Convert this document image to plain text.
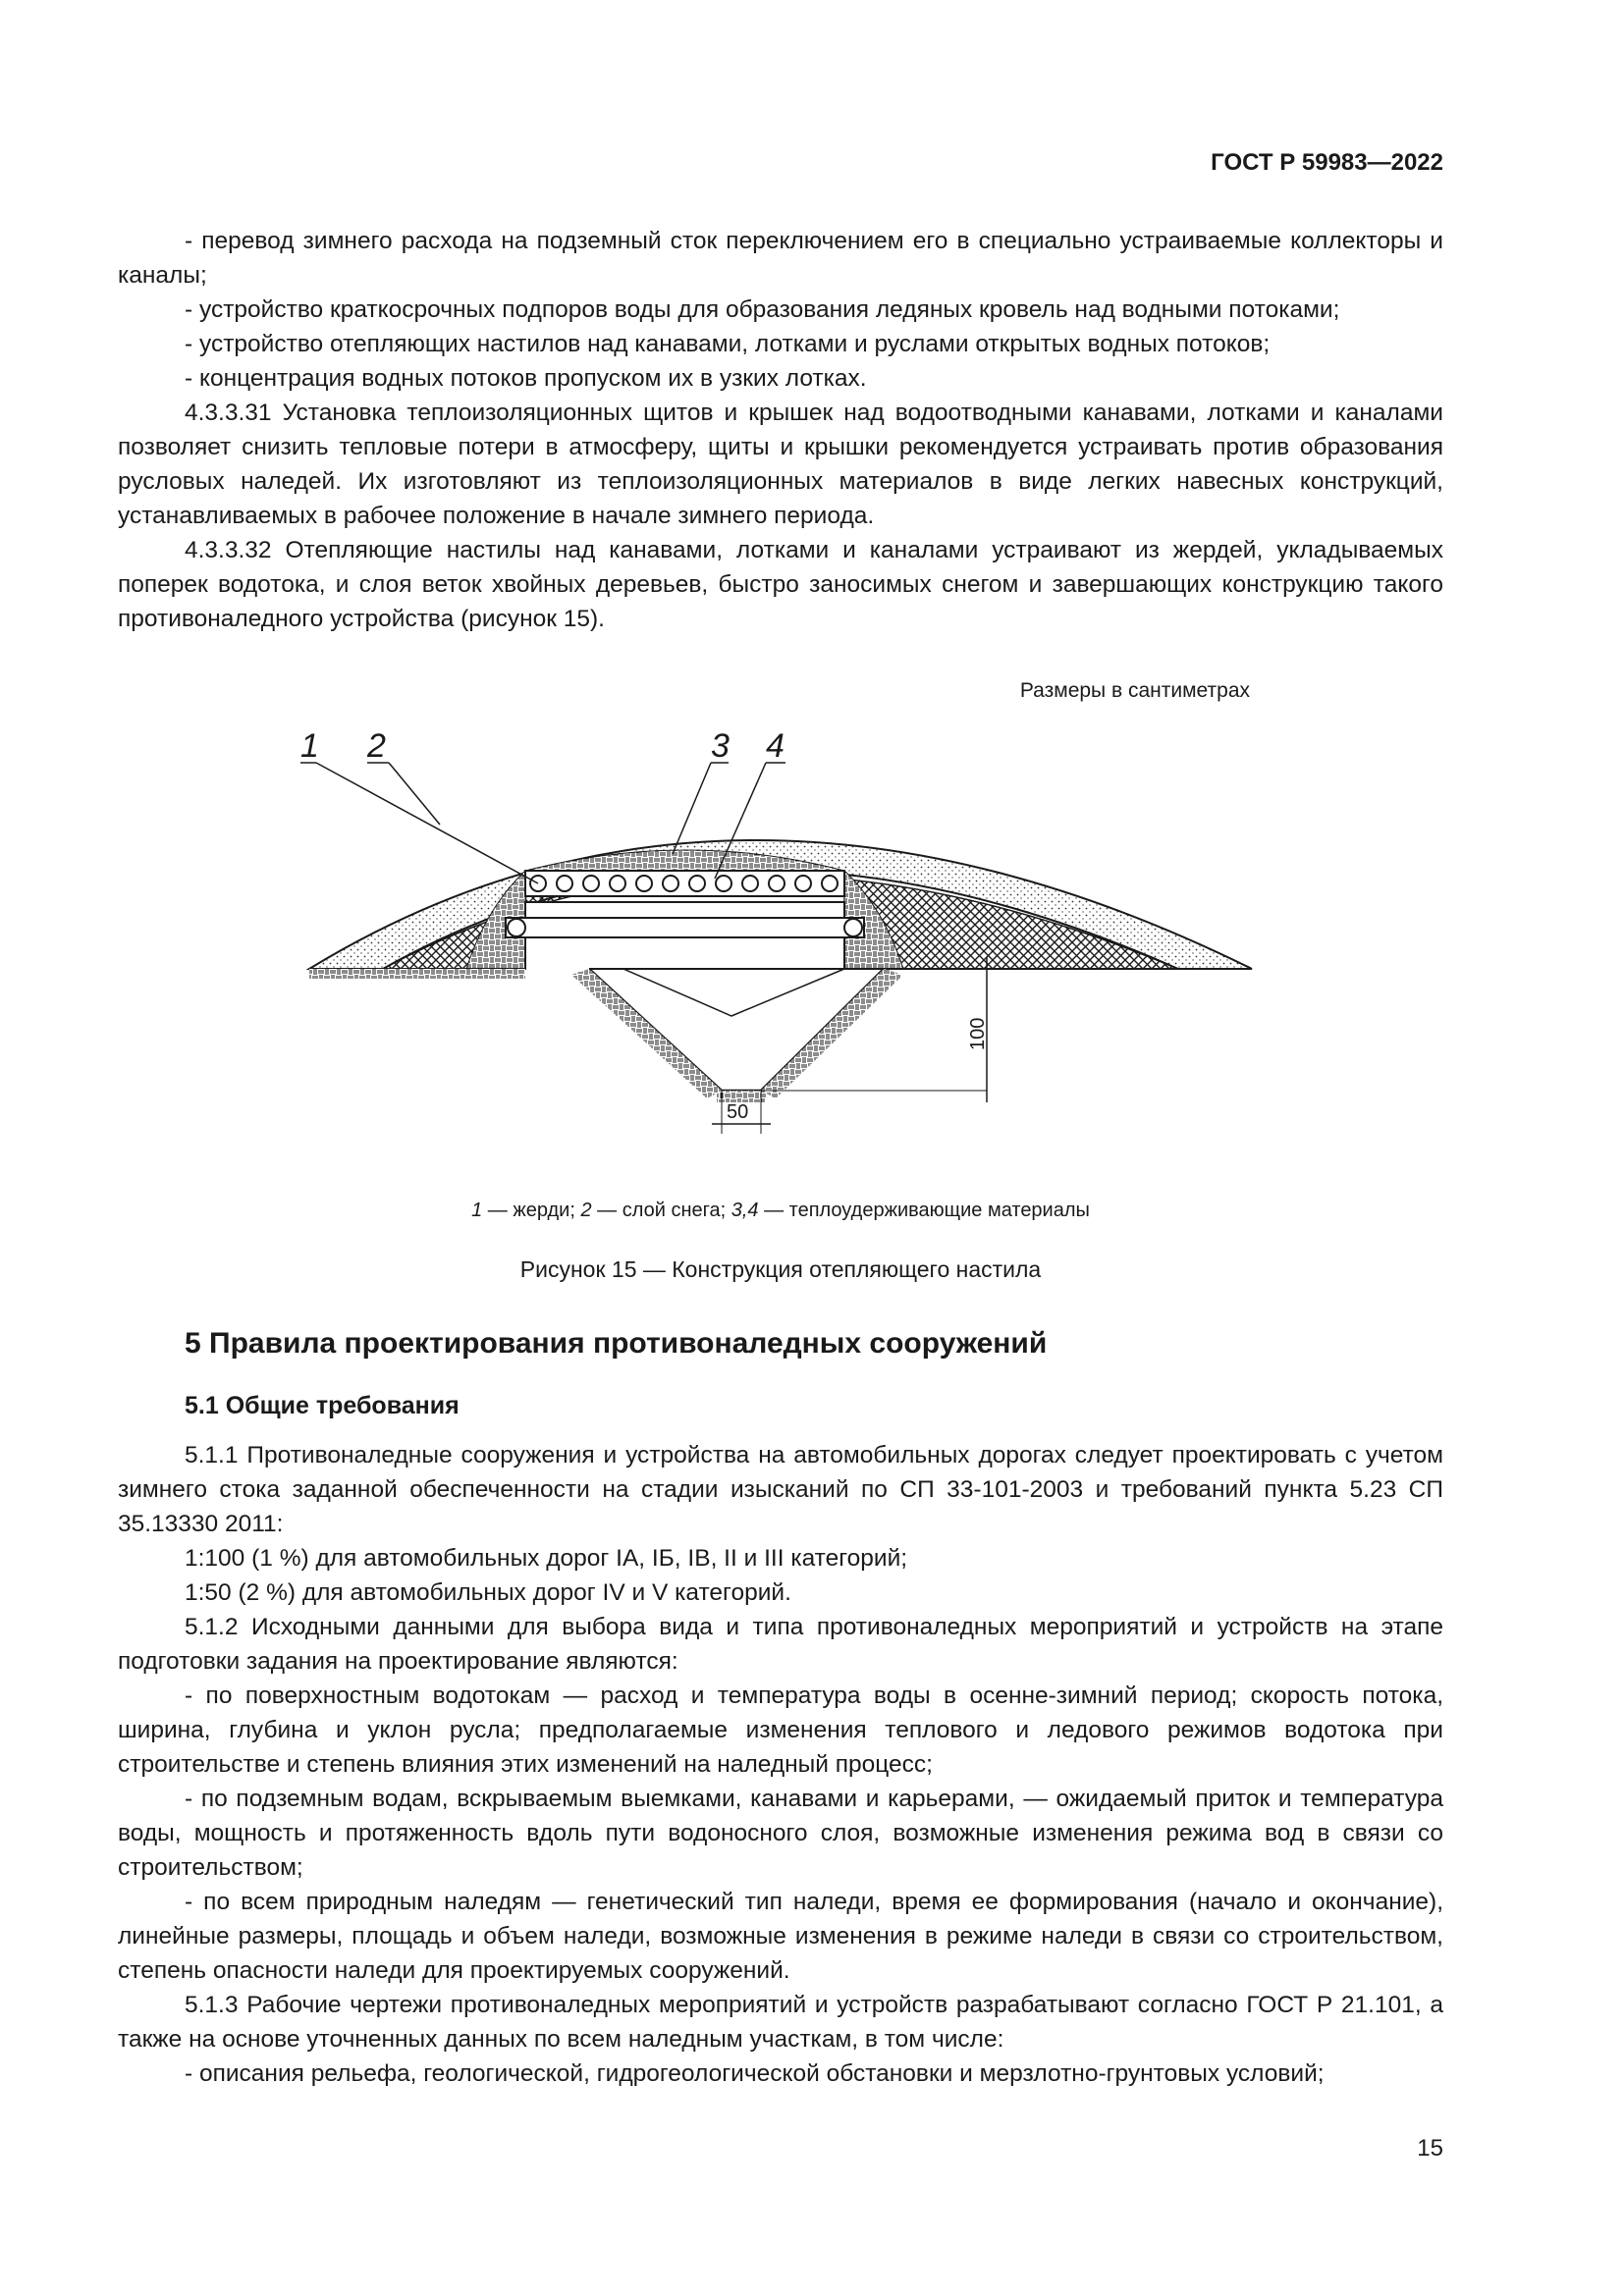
ГОСТ Р 59983—2022

- перевод зимнего расхода на подземный сток переключением его в специально устраиваемые коллекторы и каналы;

- устройство краткосрочных подпоров воды для образования ледяных кровель над водными потоками;

- устройство отепляющих настилов над канавами, лотками и руслами открытых водных потоков;

- концентрация водных потоков пропуском их в узких лотках.

4.3.3.31 Установка теплоизоляционных щитов и крышек над водоотводными канавами, лотками и каналами позволяет снизить тепловые потери в атмосферу, щиты и крышки рекомендуется устраивать против образования русловых наледей. Их изготовляют из теплоизоляционных материалов в виде легких навесных конструкций, устанавливаемых в рабочее положение в начале зимнего периода.

4.3.3.32 Отепляющие настилы над канавами, лотками и каналами устраивают из жердей, укладываемых поперек водотока, и слоя веток хвойных деревьев, быстро заносимых снегом и завершающих конструкцию такого противоналедного устройства (рисунок 15).

Размеры в сантиметрах
100
50
1 2	3 4
1 — жерди; 2 — слой снега; 3,4 — теплоудерживающие материалы
Рисунок 15 — Конструкция отепляющего настила
5 Правила проектирования противоналедных сооружений
5.1 Общие требования

5.1.1 Противоналедные сооружения и устройства на автомобильных дорогах следует проектировать с учетом зимнего стока заданной обеспеченности на стадии изысканий по СП 33-101-2003 и требований пункта 5.23 СП 35.13330 2011:

1:100 (1 %) для автомобильных дорог IA, IБ, IB, II и III категорий;

1:50 (2 %) для автомобильных дорог IV и V категорий.

5.1.2 Исходными данными для выбора вида и типа противоналедных мероприятий и устройств на этапе подготовки задания на проектирование являются:

- по поверхностным водотокам — расход и температура воды в осенне-зимний период; скорость потока, ширина, глубина и уклон русла; предполагаемые изменения теплового и ледового режимов водотока при строительстве и степень влияния этих изменений на наледный процесс;

- по подземным водам, вскрываемым выемками, канавами и карьерами, — ожидаемый приток и температура воды, мощность и протяженность вдоль пути водоносного слоя, возможные изменения режима вод в связи со строительством;

- по всем природным наледям — генетический тип наледи, время ее формирования (начало и окончание), линейные размеры, площадь и объем наледи, возможные изменения в режиме наледи в связи со строительством, степень опасности наледи для проектируемых сооружений.

5.1.3 Рабочие чертежи противоналедных мероприятий и устройств разрабатывают согласно ГОСТ Р 21.101, а также на основе уточненных данных по всем наледным участкам, в том числе:

- описания рельефа, геологической, гидрогеологической обстановки и мерзлотно-грунтовых условий;

15
